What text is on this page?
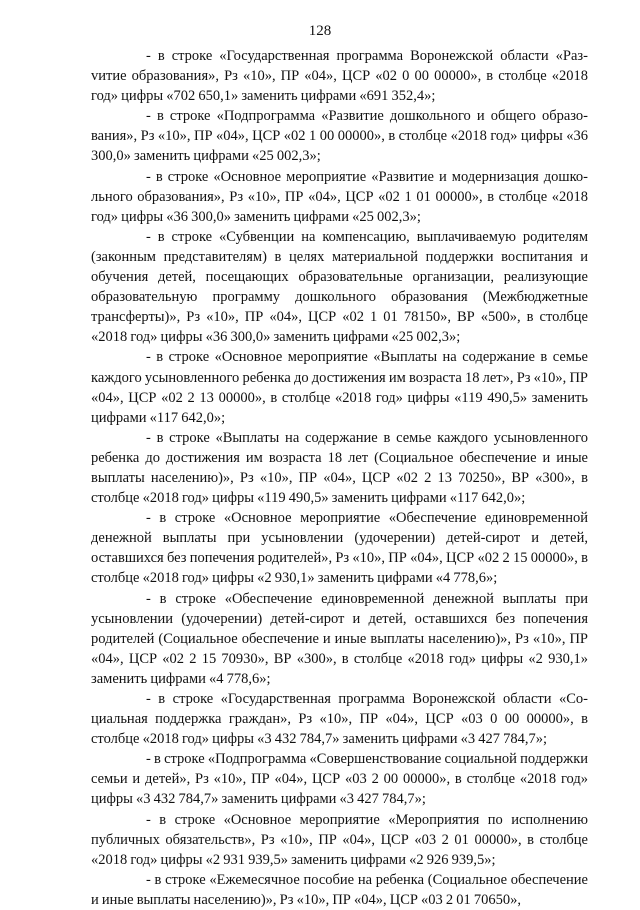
128

- в строке «Государственная программа Воронежской области «Разvитие образования», Рз «10», ПР «04», ЦСР «02 0 00 00000», в столбце «2018 год» цифры «702 650,1» заменить цифрами «691 352,4»;

- в строке «Подпрограмма «Развитие дошкольного и общего образования», Рз «10», ПР «04», ЦСР «02 1 00 00000», в столбце «2018 год» цифры «36 300,0» заменить цифрами «25 002,3»;

- в строке «Основное мероприятие «Развитие и модернизация дошкольного образования», Рз «10», ПР «04», ЦСР «02 1 01 00000», в столбце «2018 год» цифры «36 300,0» заменить цифрами «25 002,3»;

- в строке «Субвенции на компенсацию, выплачиваемую родителям (законным представителям) в целях материальной поддержки воспитания и обучения детей, посещающих образовательные организации, реализующие образовательную программу дошкольного образования (Межбюджетные трансферты)», Рз «10», ПР «04», ЦСР «02 1 01 78150», ВР «500», в столбце «2018 год» цифры «36 300,0» заменить цифрами «25 002,3»;

- в строке «Основное мероприятие «Выплаты на содержание в семье каждого усыновленного ребенка до достижения им возраста 18 лет», Рз «10», ПР «04», ЦСР «02 2 13 00000», в столбце «2018 год» цифры «119 490,5» заменить цифрами «117 642,0»;

- в строке «Выплаты на содержание в семье каждого усыновленного ребенка до достижения им возраста 18 лет (Социальное обеспечение и иные выплаты населению)», Рз «10», ПР «04», ЦСР «02 2 13 70250», ВР «300», в столбце «2018 год» цифры «119 490,5» заменить цифрами «117 642,0»;

- в строке «Основное мероприятие «Обеспечение единовременной денежной выплаты при усыновлении (удочерении) детей-сирот и детей, оставшихся без попечения родителей», Рз «10», ПР «04», ЦСР «02 2 15 00000», в столбце «2018 год» цифры «2 930,1» заменить цифрами «4 778,6»;

- в строке «Обеспечение единовременной денежной выплаты при усыновлении (удочерении) детей-сирот и детей, оставшихся без попечения родителей (Социальное обеспечение и иные выплаты населению)», Рз «10», ПР «04», ЦСР «02 2 15 70930», ВР «300», в столбце «2018 год» цифры «2 930,1» заменить цифрами «4 778,6»;

- в строке «Государственная программа Воронежской области «Социальная поддержка граждан», Рз «10», ПР «04», ЦСР «03 0 00 00000», в столбце «2018 год» цифры «3 432 784,7» заменить цифрами «3 427 784,7»;

- в строке «Подпрограмма «Совершенствование социальной поддержки семьи и детей», Рз «10», ПР «04», ЦСР «03 2 00 00000», в столбце «2018 год» цифры «3 432 784,7» заменить цифрами «3 427 784,7»;

- в строке «Основное мероприятие «Мероприятия по исполнению публичных обязательств», Рз «10», ПР «04», ЦСР «03 2 01 00000», в столбце «2018 год» цифры «2 931 939,5» заменить цифрами «2 926 939,5»;

- в строке «Ежемесячное пособие на ребенка (Социальное обеспечение и иные выплаты населению)», Рз «10», ПР «04», ЦСР «03 2 01 70650»,
